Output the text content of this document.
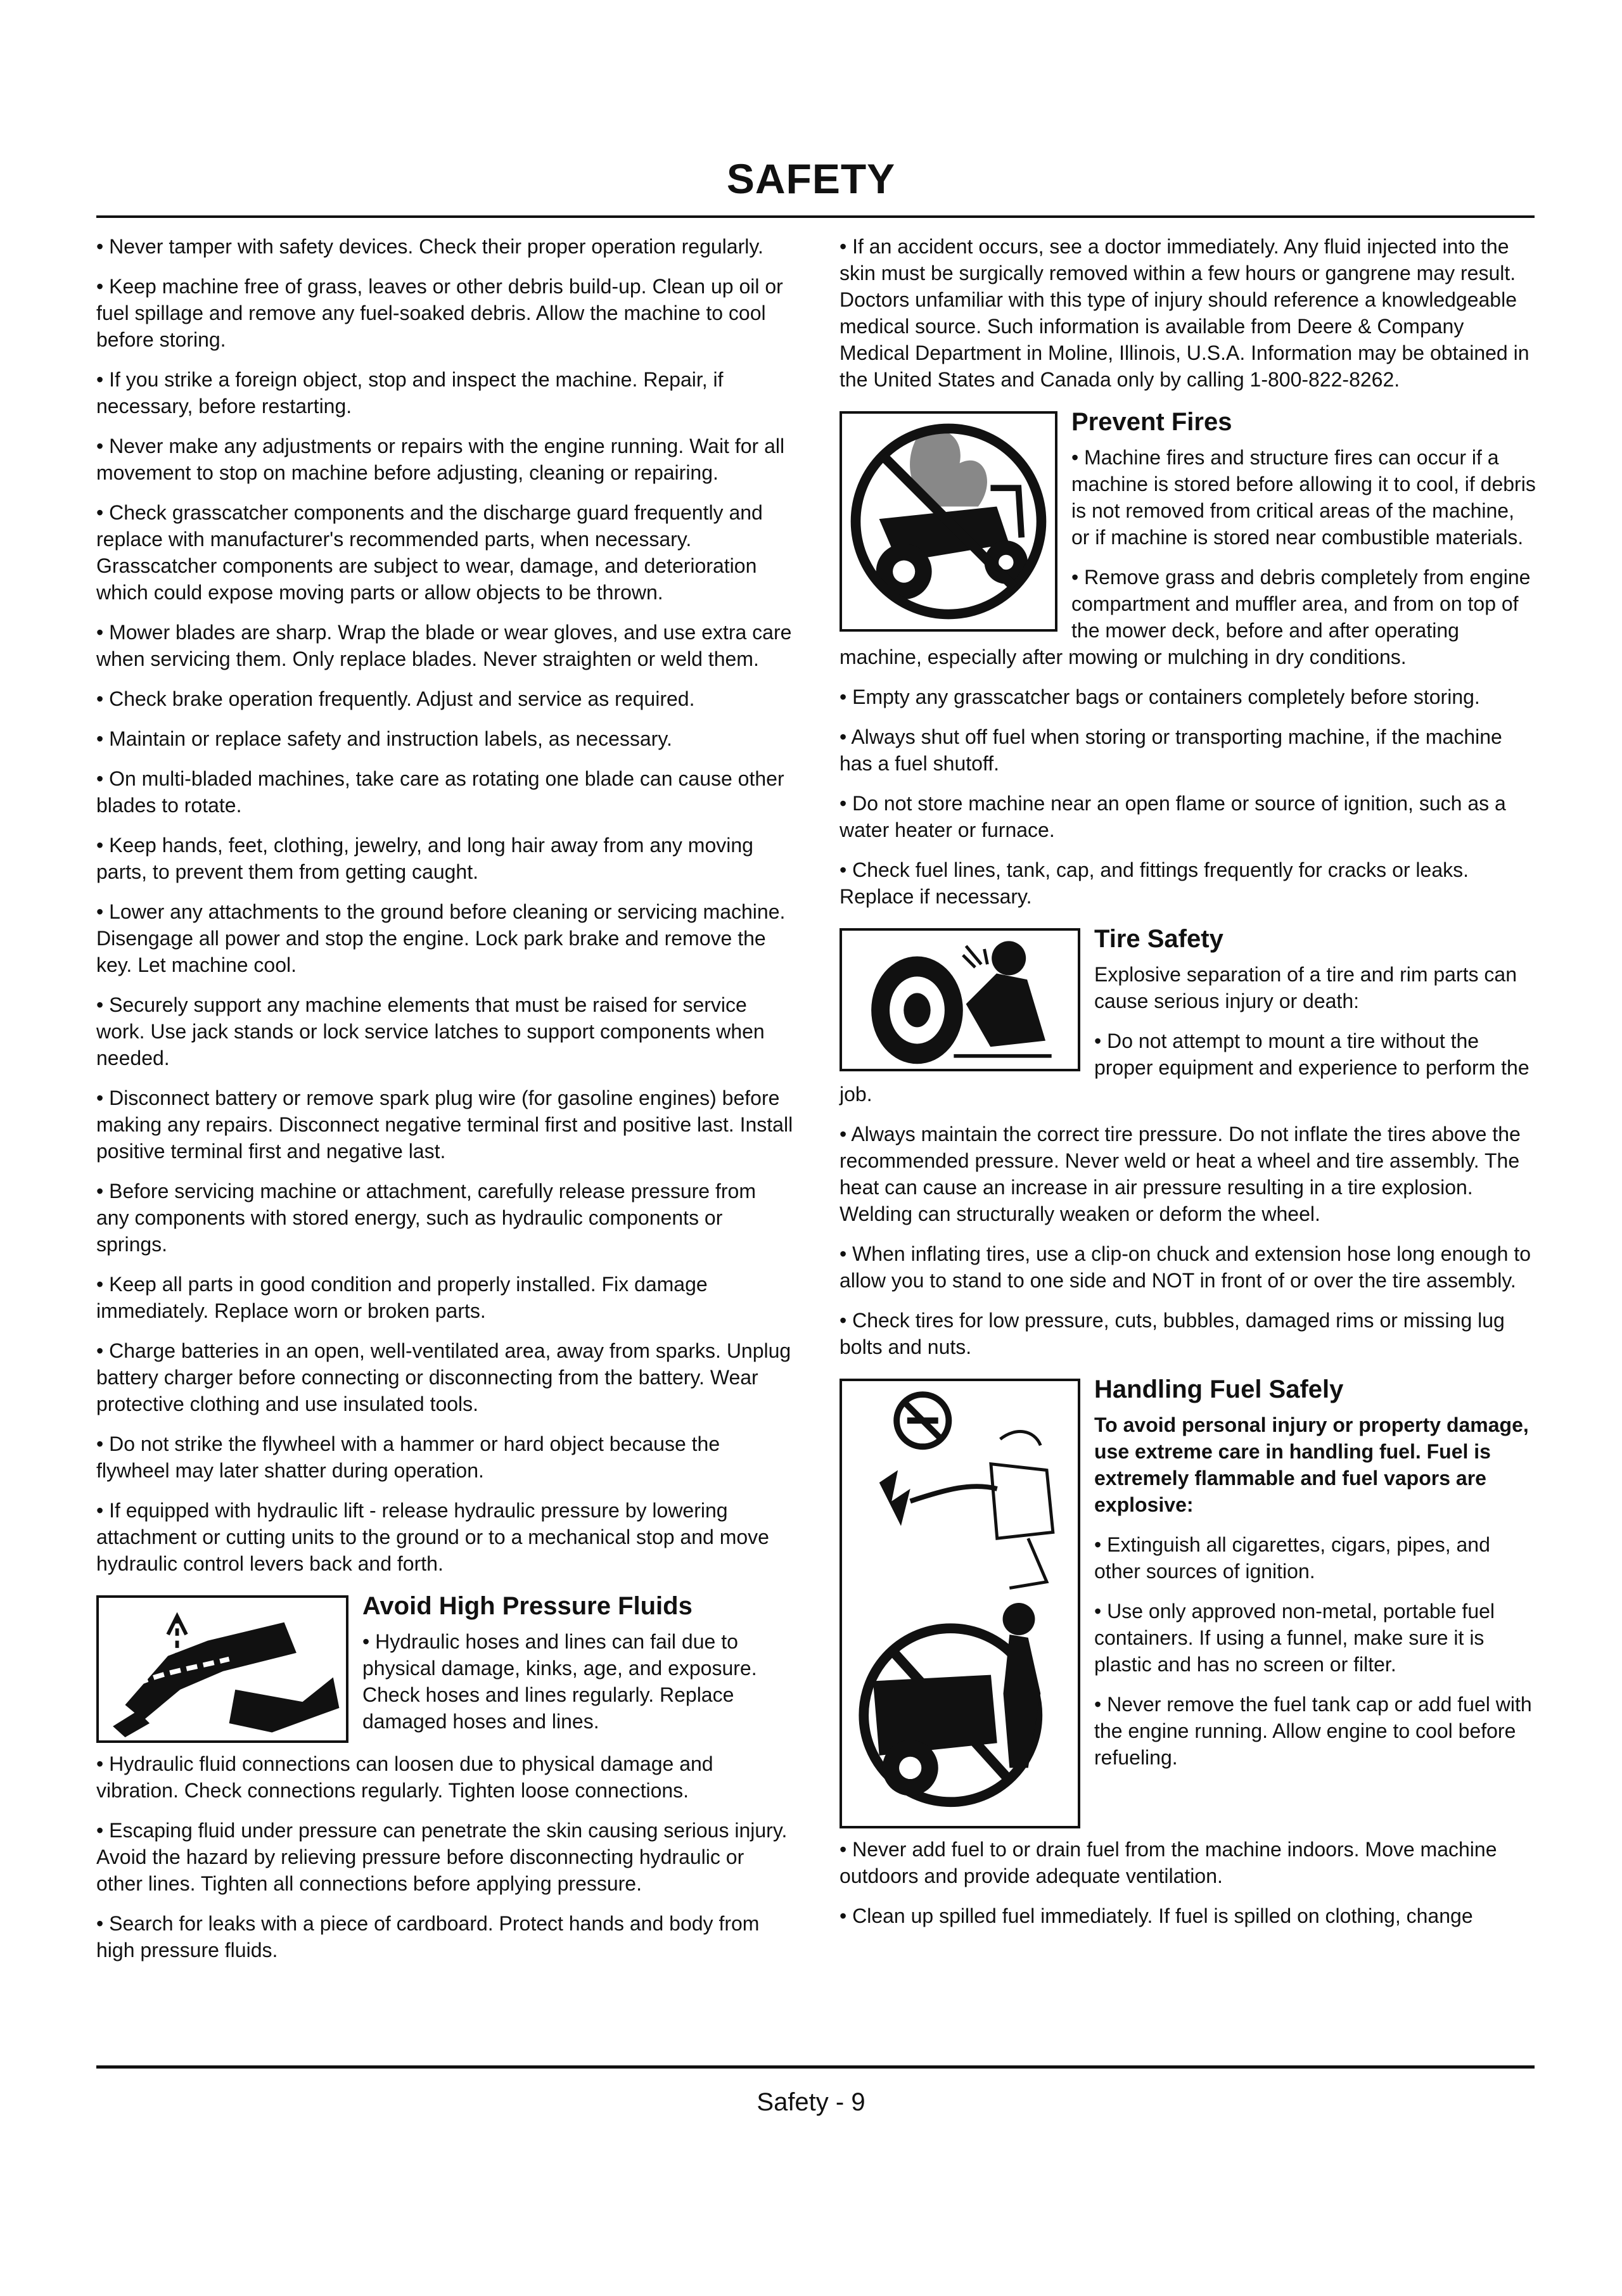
SAFETY

• Never tamper with safety devices. Check their proper operation regularly.

• Keep machine free of grass, leaves or other debris build-up. Clean up oil or fuel spillage and remove any fuel-soaked debris. Allow the machine to cool before storing.

• If you strike a foreign object, stop and inspect the machine. Repair, if necessary, before restarting.

• Never make any adjustments or repairs with the engine running. Wait for all movement to stop on machine before adjusting, cleaning or repairing.

• Check grasscatcher components and the discharge guard frequently and replace with manufacturer's recommended parts, when necessary. Grasscatcher components are subject to wear, damage, and deterioration which could expose moving parts or allow objects to be thrown.

• Mower blades are sharp. Wrap the blade or wear gloves, and use extra care when servicing them. Only replace blades. Never straighten or weld them.

• Check brake operation frequently. Adjust and service as required.

• Maintain or replace safety and instruction labels, as necessary.

• On multi-bladed machines, take care as rotating one blade can cause other blades to rotate.

• Keep hands, feet, clothing, jewelry, and long hair away from any moving parts, to prevent them from getting caught.

• Lower any attachments to the ground before cleaning or servicing machine. Disengage all power and stop the engine. Lock park brake and remove the key. Let machine cool.

• Securely support any machine elements that must be raised for service work. Use jack stands or lock service latches to support components when needed.

• Disconnect battery or remove spark plug wire (for gasoline engines) before making any repairs. Disconnect negative terminal first and positive last. Install positive terminal first and negative last.

• Before servicing machine or attachment, carefully release pressure from any components with stored energy, such as hydraulic components or springs.

• Keep all parts in good condition and properly installed. Fix damage immediately. Replace worn or broken parts.

• Charge batteries in an open, well-ventilated area, away from sparks. Unplug battery charger before connecting or disconnecting from the battery. Wear protective clothing and use insulated tools.

• Do not strike the flywheel with a hammer or hard object because the flywheel may later shatter during operation.

• If equipped with hydraulic lift - release hydraulic pressure by lowering attachment or cutting units to the ground or to a mechanical stop and move hydraulic control levers back and forth.

Avoid High Pressure Fluids

• Hydraulic hoses and lines can fail due to physical damage, kinks, age, and exposure. Check hoses and lines regularly. Replace damaged hoses and lines.

• Hydraulic fluid connections can loosen due to physical damage and vibration. Check connections regularly. Tighten loose connections.

• Escaping fluid under pressure can penetrate the skin causing serious injury. Avoid the hazard by relieving pressure before disconnecting hydraulic or other lines. Tighten all connections before applying pressure.

• Search for leaks with a piece of cardboard. Protect hands and body from high pressure fluids.

• If an accident occurs, see a doctor immediately. Any fluid injected into the skin must be surgically removed within a few hours or gangrene may result. Doctors unfamiliar with this type of injury should reference a knowledgeable medical source. Such information is available from Deere & Company Medical Department in Moline, Illinois, U.S.A. Information may be obtained in the United States and Canada only by calling 1-800-822-8262.

Prevent Fires

• Machine fires and structure fires can occur if a machine is stored before allowing it to cool, if debris is not removed from critical areas of the machine, or if machine is stored near combustible materials.

• Remove grass and debris completely from engine compartment and muffler area, and from on top of the mower deck, before and after operating machine, especially after mowing or mulching in dry conditions.

• Empty any grasscatcher bags or containers completely before storing.

• Always shut off fuel when storing or transporting machine, if the machine has a fuel shutoff.

• Do not store machine near an open flame or source of ignition, such as a water heater or furnace.

• Check fuel lines, tank, cap, and fittings frequently for cracks or leaks. Replace if necessary.

Tire Safety

Explosive separation of a tire and rim parts can cause serious injury or death:

• Do not attempt to mount a tire without the proper equipment and experience to perform the job.

• Always maintain the correct tire pressure. Do not inflate the tires above the recommended pressure. Never weld or heat a wheel and tire assembly. The heat can cause an increase in air pressure resulting in a tire explosion. Welding can structurally weaken or deform the wheel.

• When inflating tires, use a clip-on chuck and extension hose long enough to allow you to stand to one side and NOT in front of or over the tire assembly.

• Check tires for low pressure, cuts, bubbles, damaged rims or missing lug bolts and nuts.

Handling Fuel Safely

To avoid personal injury or property damage, use extreme care in handling fuel. Fuel is extremely flammable and fuel vapors are explosive:

• Extinguish all cigarettes, cigars, pipes, and other sources of ignition.

• Use only approved non-metal, portable fuel containers. If using a funnel, make sure it is plastic and has no screen or filter.

• Never remove the fuel tank cap or add fuel with the engine running. Allow engine to cool before refueling.

• Never add fuel to or drain fuel from the machine indoors. Move machine outdoors and provide adequate ventilation.

• Clean up spilled fuel immediately. If fuel is spilled on clothing, change

Safety - 9
